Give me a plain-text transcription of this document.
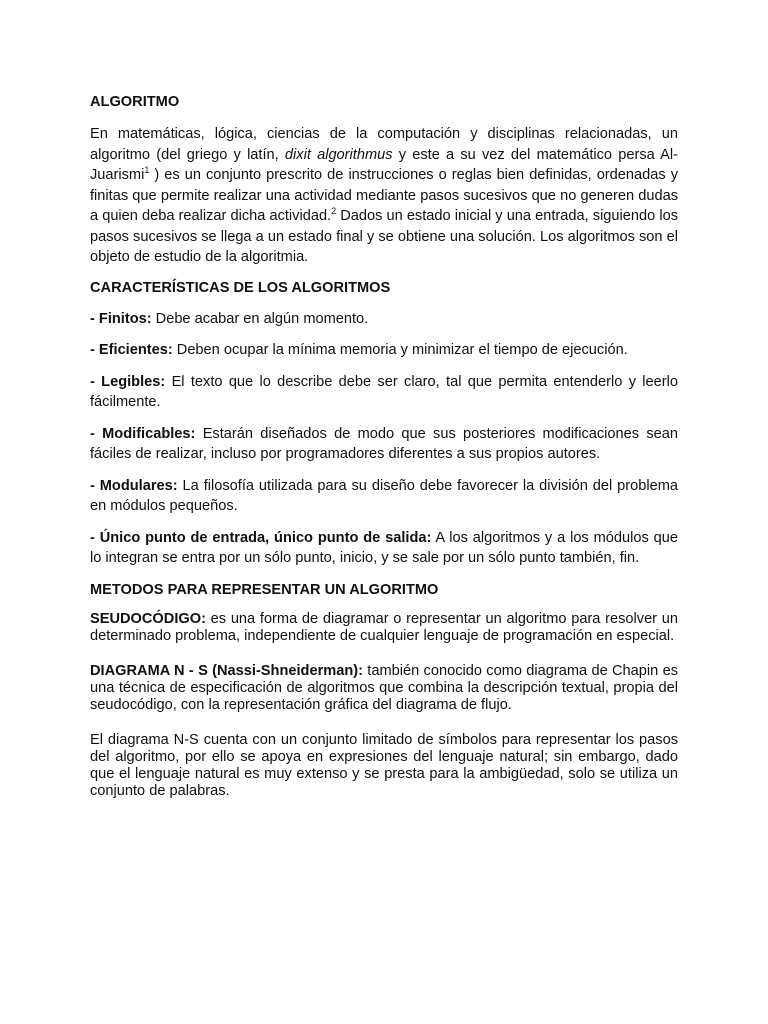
ALGORITMO

En matemáticas, lógica, ciencias de la computación y disciplinas relacionadas, un algoritmo (del griego y latín, dixit algorithmus y este a su vez del matemático persa Al-Juarismi$^1$ ) es un conjunto prescrito de instrucciones o reglas bien definidas, ordenadas y finitas que permite realizar una actividad mediante pasos sucesivos que no generen dudas a quien deba realizar dicha actividad.$^2$ Dados un estado inicial y una entrada, siguiendo los pasos sucesivos se llega a un estado final y se obtiene una solución. Los algoritmos son el objeto de estudio de la algoritmia.

CARACTERÍSTICAS DE LOS ALGORITMOS

- Finitos: Debe acabar en algún momento.

- Eficientes: Deben ocupar la mínima memoria y minimizar el tiempo de ejecución.

- Legibles: El texto que lo describe debe ser claro, tal que permita entenderlo y leerlo fácilmente.

- Modificables: Estarán diseñados de modo que sus posteriores modificaciones sean fáciles de realizar, incluso por programadores diferentes a sus propios autores.

- Modulares: La filosofía utilizada para su diseño debe favorecer la división del problema en módulos pequeños.

- Único punto de entrada, único punto de salida: A los algoritmos y a los módulos que lo integran se entra por un sólo punto, inicio, y se sale por un sólo punto también, fin.

METODOS PARA REPRESENTAR UN ALGORITMO

SEUDOCÓDIGO: es una forma de diagramar o representar un algoritmo para resolver un determinado problema, independiente de cualquier lenguaje de programación en especial.

DIAGRAMA N - S (Nassi-Shneiderman): también conocido como diagrama de Chapin es una técnica de especificación de algoritmos que combina la descripción textual, propia del seudocódigo, con la representación gráfica del diagrama de flujo.

El diagrama N-S cuenta con un conjunto limitado de símbolos para representar los pasos del algoritmo, por ello se apoya en expresiones del lenguaje natural; sin embargo, dado que el lenguaje natural es muy extenso y se presta para la ambigüedad, solo se utiliza un conjunto de palabras.
